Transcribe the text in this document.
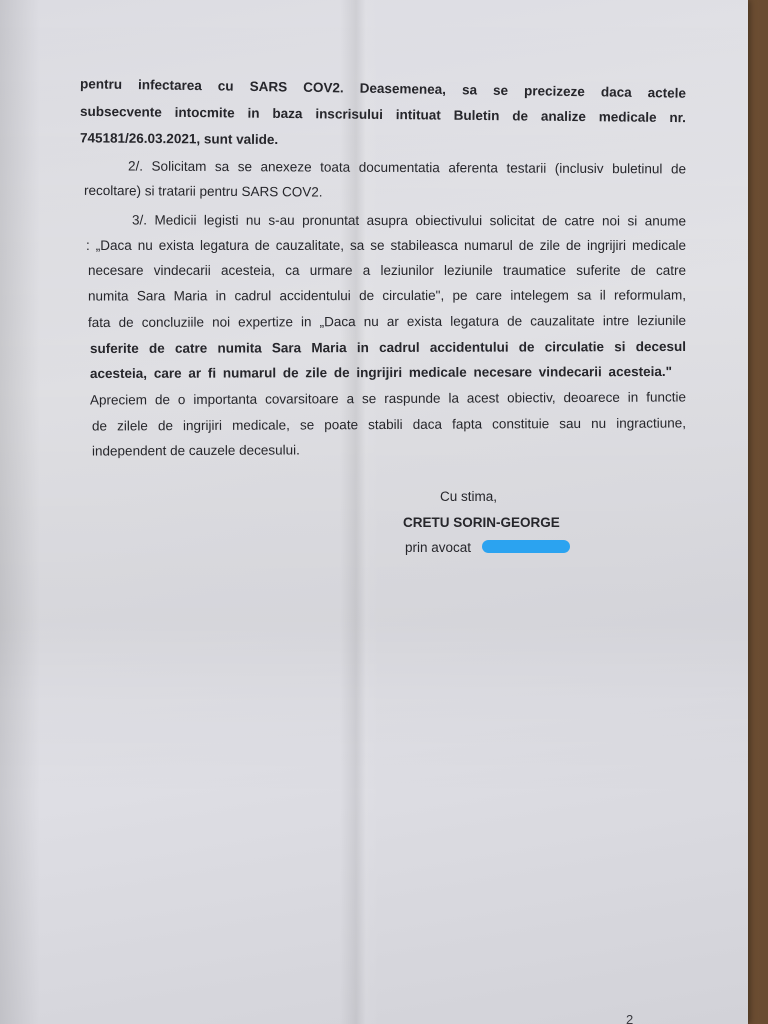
pentru infectarea cu SARS COV2. Deasemenea, sa se precizeze daca actele

subsecvente intocmite in baza inscrisului intituat Buletin de analize medicale nr.

745181/26.03.2021, sunt valide.

2/. Solicitam sa se anexeze toata documentatia aferenta testarii (inclusiv buletinul de

recoltare) si tratarii pentru SARS COV2.

3/. Medicii legisti nu s-au pronuntat asupra obiectivului solicitat de catre noi si anume

: „Daca nu exista legatura de cauzalitate, sa se stabileasca numarul de zile de ingrijiri medicale

necesare vindecarii acesteia, ca urmare a leziunilor leziunile traumatice suferite de catre

numita Sara Maria in cadrul accidentului de circulatie", pe care intelegem sa il reformulam,

fata de concluziile noi expertize in „Daca nu ar exista legatura de cauzalitate intre leziunile

suferite de catre numita Sara Maria in cadrul accidentului de circulatie si decesul

acesteia, care ar fi numarul de zile de ingrijiri medicale necesare vindecarii acesteia."

Apreciem de o importanta covarsitoare a se raspunde la acest obiectiv, deoarece in functie

de zilele de ingrijiri medicale, se poate stabili daca fapta constituie sau nu ingractiune,

independent de cauzele decesului.

Cu stima,

CRETU SORIN-GEORGE

prin avocat

2
